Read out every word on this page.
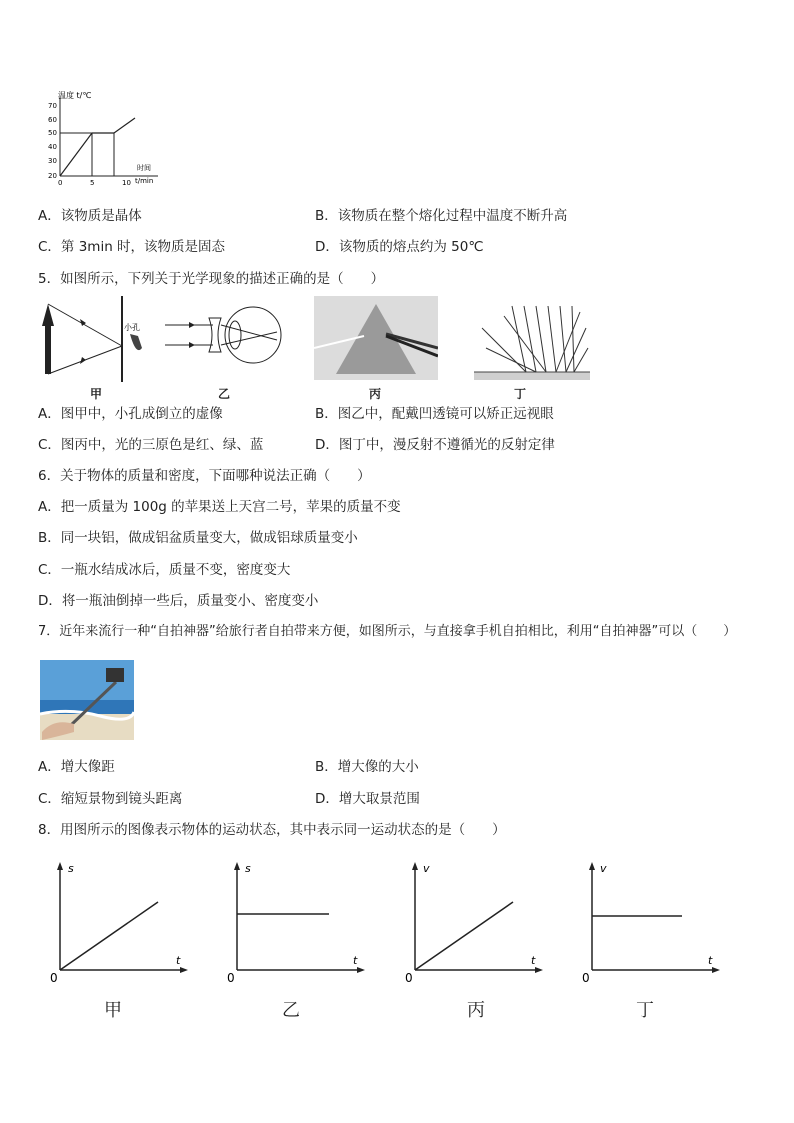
温度 t/℃
70
60
50
40
30
20
0	5	10
时间
t/min
A．该物质是晶体	B．该物质在整个熔化过程中温度不断升高
C．第 3min 时，该物质是固态	D．该物质的熔点约为 50℃
5．如图所示，下列关于光学现象的描述正确的是（　　）
小孔
甲	乙	丙	丁
A．图甲中，小孔成倒立的虚像	B．图乙中，配戴凹透镜可以矫正远视眼
C．图丙中，光的三原色是红、绿、蓝	D．图丁中，漫反射不遵循光的反射定律
6．关于物体的质量和密度，下面哪种说法正确（　　）
A．把一质量为 100g 的苹果送上天宫二号，苹果的质量不变
B．同一块铝，做成铝盆质量变大，做成铝球质量变小
C．一瓶水结成冰后，质量不变，密度变大
D．将一瓶油倒掉一些后，质量变小、密度变小
7．近年来流行一种“自拍神器”给旅行者自拍带来方便，如图所示，与直接拿手机自拍相比，利用“自拍神器”可以（　　）
A．增大像距	B．增大像的大小
C．缩短景物到镜头距离	D．增大取景范围
8．用图所示的图像表示物体的运动状态，其中表示同一运动状态的是（　　）
s
t
0
甲
s
t
0
乙
v
t
0
丙
v
t
0
丁
